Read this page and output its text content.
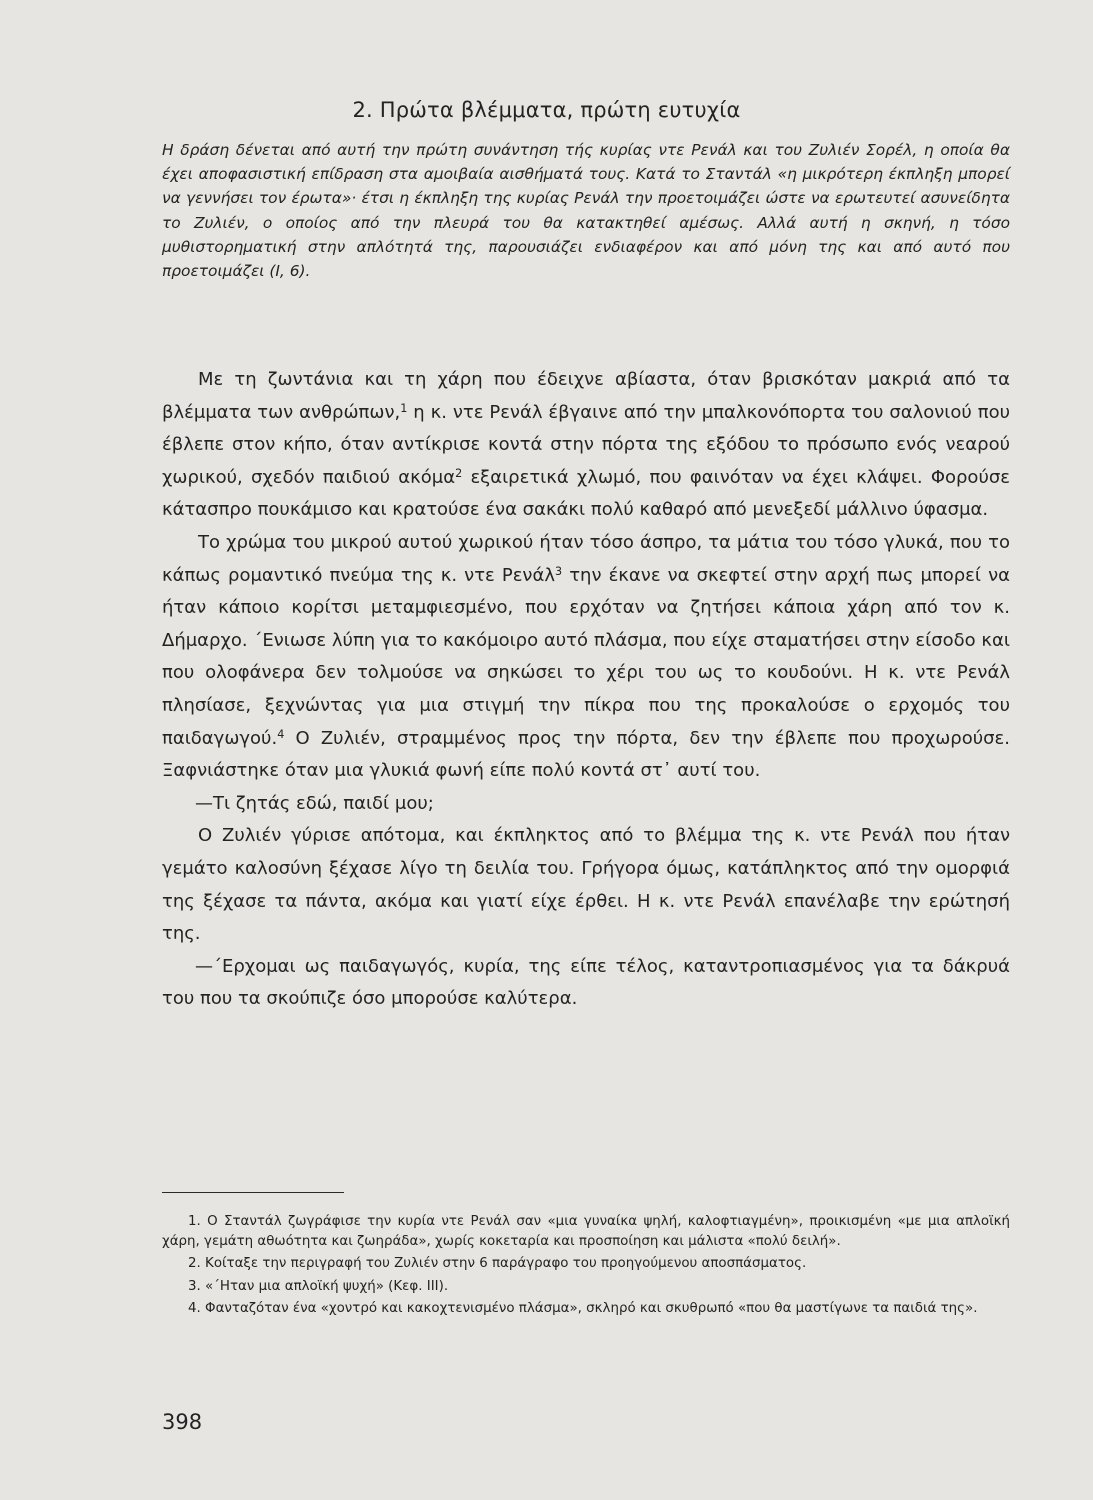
2. Πρώτα βλέμματα, πρώτη ευτυχία

Η δράση δένεται από αυτή την πρώτη συνάντηση τής κυρίας ντε Ρενάλ και του Ζυλιέν Σορέλ, η οποία θα έχει αποφασιστική επίδραση στα αμοιβαία αισθήματά τους. Κατά το Σταντάλ «η μικρότερη έκπληξη μπορεί να γεννήσει τον έρωτα»· έτσι η έκπληξη της κυρίας Ρενάλ την προετοιμάζει ώστε να ερωτευτεί ασυνείδητα το Ζυλιέν, ο οποίος από την πλευρά του θα κατακτηθεί αμέσως. Αλλά αυτή η σκηνή, η τόσο μυθιστορηματική στην απλότητά της, παρουσιάζει ενδιαφέρον και από μόνη της και από αυτό που προετοιμάζει (I, 6).

Με τη ζωντάνια και τη χάρη που έδειχνε αβίαστα, όταν βρισκόταν μακριά από τα βλέμματα των ανθρώπων,$^1$ η κ. ντε Ρενάλ έβγαινε από την μπαλκονόπορτα του σαλονιού που έβλεπε στον κήπο, όταν αντίκρισε κοντά στην πόρτα της εξόδου το πρόσωπο ενός νεαρού χωρικού, σχεδόν παιδιού ακόμα$^2$ εξαιρετικά χλωμό, που φαινόταν να έχει κλάψει. Φορούσε κάτασπρο πουκάμισο και κρατούσε ένα σακάκι πολύ καθαρό από μενεξεδί μάλλινο ύφασμα.

Το χρώμα του μικρού αυτού χωρικού ήταν τόσο άσπρο, τα μάτια του τόσο γλυκά, που το κάπως ρομαντικό πνεύμα της κ. ντε Ρενάλ$^3$ την έκανε να σκεφτεί στην αρχή πως μπορεί να ήταν κάποιο κορίτσι μεταμφιεσμένο, που ερχόταν να ζητήσει κάποια χάρη από τον κ. Δήμαρχο. ΄Ενιωσε λύπη για το κακόμοιρο αυτό πλάσμα, που είχε σταματήσει στην είσοδο και που ολοφάνερα δεν τολμούσε να σηκώσει το χέρι του ως το κουδούνι. Η κ. ντε Ρενάλ πλησίασε, ξεχνώντας για μια στιγμή την πίκρα που της προκαλούσε ο ερχομός του παιδαγωγού.$^4$ Ο Ζυλιέν, στραμμένος προς την πόρτα, δεν την έβλεπε που προχωρούσε. Ξαφνιάστηκε όταν μια γλυκιά φωνή είπε πολύ κοντά στ᾿ αυτί του.

—Τι ζητάς εδώ, παιδί μου;

Ο Ζυλιέν γύρισε απότομα, και έκπληκτος από το βλέμμα της κ. ντε Ρενάλ που ήταν γεμάτο καλοσύνη ξέχασε λίγο τη δειλία του. Γρήγορα όμως, κατάπληκτος από την ομορφιά της ξέχασε τα πάντα, ακόμα και γιατί είχε έρθει. Η κ. ντε Ρενάλ επανέλαβε την ερώτησή της.

—΄Ερχομαι ως παιδαγωγός, κυρία, της είπε τέλος, καταντροπιασμένος για τα δάκρυά του που τα σκούπιζε όσο μπορούσε καλύτερα.

1. Ο Σταντάλ ζωγράφισε την κυρία ντε Ρενάλ σαν «μια γυναίκα ψηλή, καλοφτιαγμένη», προικισμένη «με μια απλοϊκή χάρη, γεμάτη αθωότητα και ζωηράδα», χωρίς κοκεταρία και προσποίηση και μάλιστα «πολύ δειλή».

2. Κοίταξε την περιγραφή του Ζυλιέν στην 6 παράγραφο του προηγούμενου αποσπάσματος.

3. «΄Ηταν μια απλοϊκή ψυχή» (Κεφ. ΙΙΙ).

4. Φανταζόταν ένα «χοντρό και κακοχτενισμένο πλάσμα», σκληρό και σκυθρωπό «που θα μαστίγωνε τα παιδιά της».

398
